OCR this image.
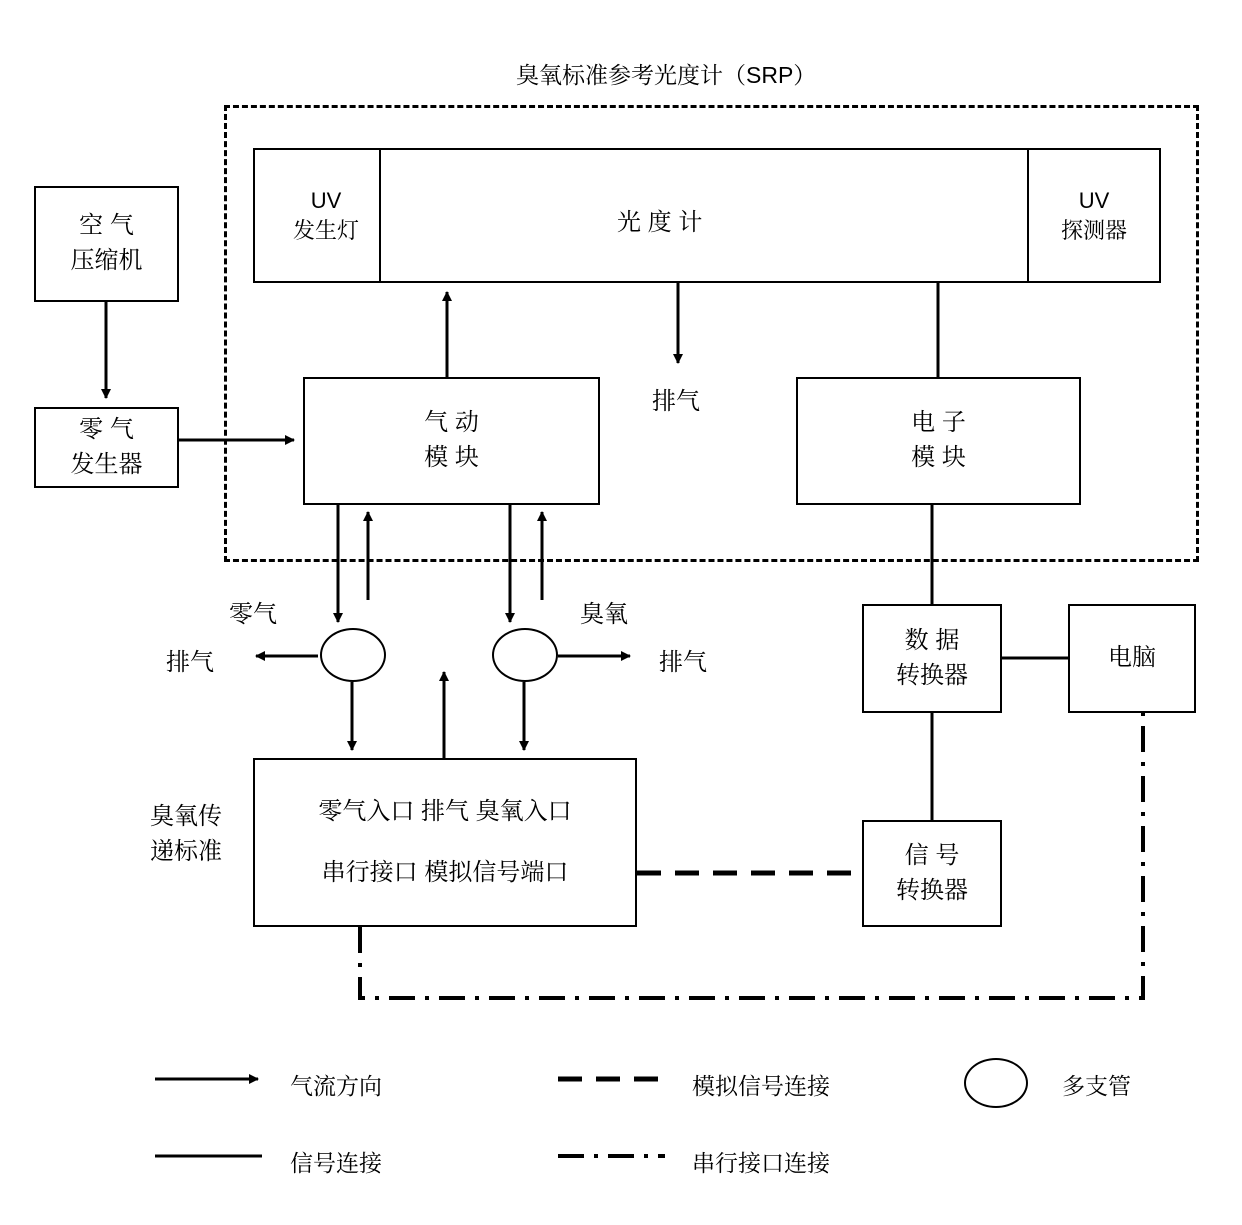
臭氧标准参考光度计（SRP）
UV
发生灯	光 度 计
UV
探测器
空 气
压缩机
零 气
发生器
气 动
模 块
电 子
模 块
数 据
转换器
电脑
信 号
转换器
零气入口 排气 臭氧入口
串行接口 模拟信号端口
臭氧传
递标准
零气	臭氧
排气	排气
排气
气流方向
信号连接
模拟信号连接
串行接口连接
多支管
